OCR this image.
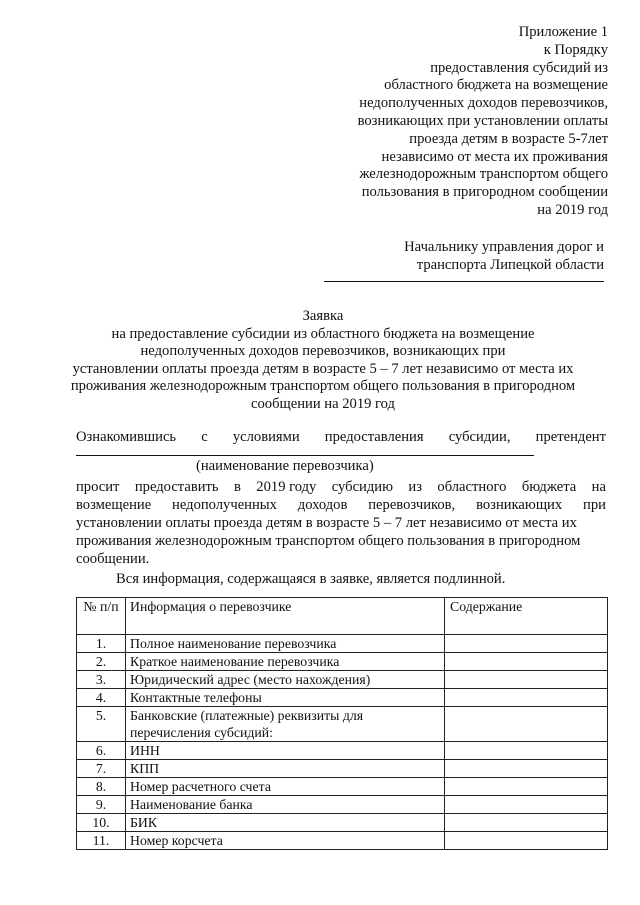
Приложение 1
к Порядку
предоставления субсидий из
областного бюджета на возмещение
недополученных доходов перевозчиков,
возникающих при установлении оплаты
проезда детям в возрасте 5-7лет
независимо от места их проживания
железнодорожным транспортом общего
пользования в пригородном сообщении
на 2019 год
Начальнику управления дорог и
транспорта Липецкой области
Заявка
на предоставление субсидии из областного бюджета на возмещение
недополученных доходов перевозчиков, возникающих при
установлении оплаты проезда детям в возрасте 5 – 7 лет независимо от места их
проживания железнодорожным транспортом общего пользования в пригородном
сообщении на 2019 год
Ознакомившись с условиями предоставления субсидии, претендент
(наименование перевозчика)
просит предоставить в 2019 году субсидию из областного бюджета на
возмещение недополученных доходов перевозчиков, возникающих при
установлении оплаты проезда детям в возрасте 5 – 7 лет независимо от места их
проживания железнодорожным транспортом общего пользования в пригородном
сообщении.
Вся информация, содержащаяся в заявке, является подлинной.
№ п/п	Информация о перевозчике	Содержание
1.	Полное наименование перевозчика	
2.	Краткое наименование перевозчика	
3.	Юридический адрес (место нахождения)	
4.	Контактные телефоны	
5.	Банковские (платежные) реквизиты для перечисления субсидий:	
6.	ИНН	
7.	КПП	
8.	Номер расчетного счета	
9.	Наименование банка	
10.	БИК	
11.	Номер корсчета	
